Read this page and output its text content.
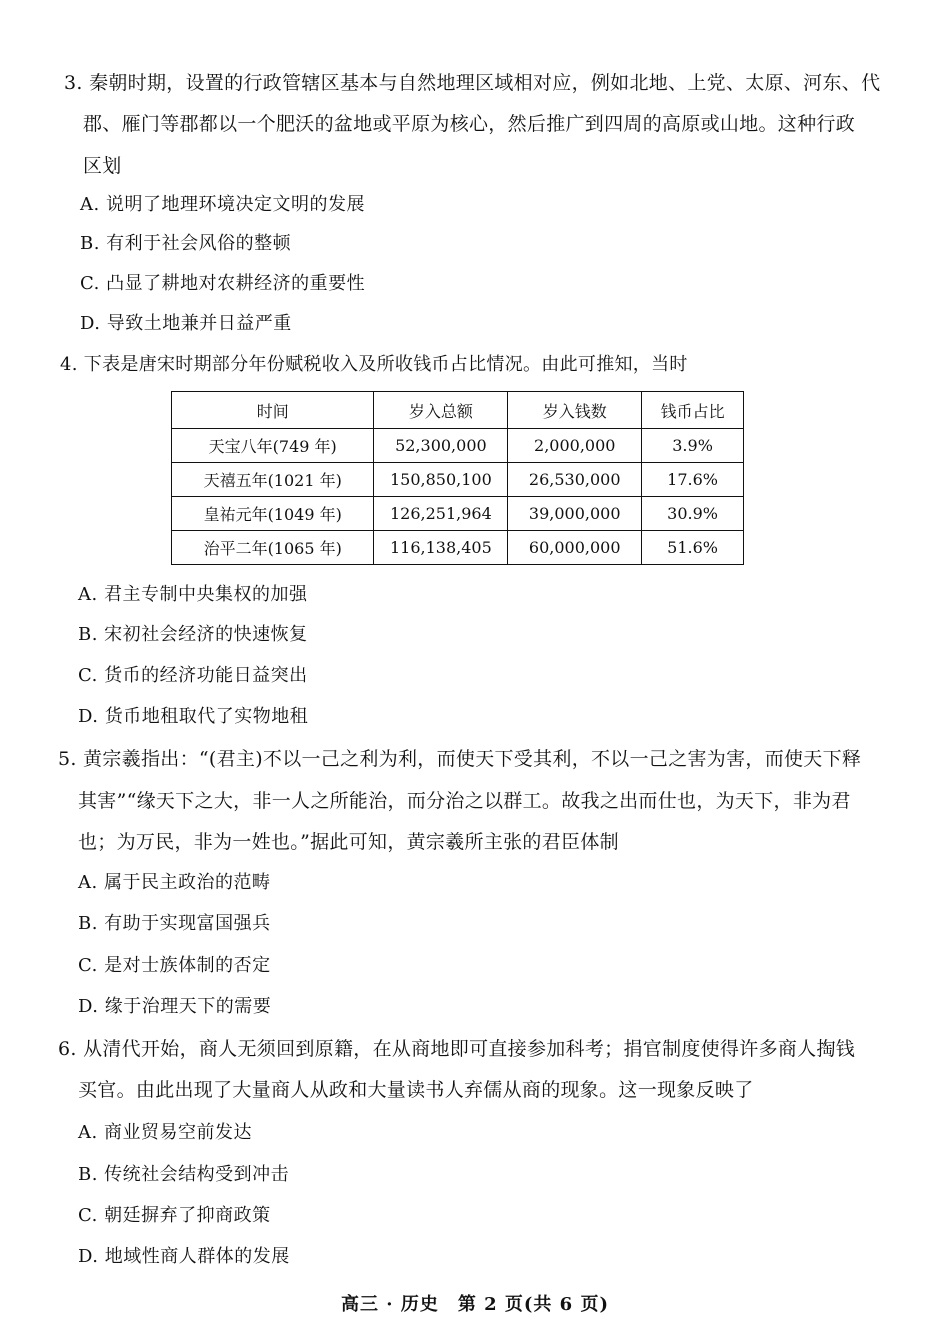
3. 秦朝时期，设置的行政管辖区基本与自然地理区域相对应，例如北地、上党、太原、河东、代
郡、雁门等郡都以一个肥沃的盆地或平原为核心，然后推广到四周的高原或山地。这种行政
区划
A. 说明了地理环境决定文明的发展
B. 有利于社会风俗的整顿
C. 凸显了耕地对农耕经济的重要性
D. 导致土地兼并日益严重
4. 下表是唐宋时期部分年份赋税收入及所收钱币占比情况。由此可推知，当时
时间	岁入总额	岁入钱数	钱币占比
天宝八年(749 年)	52,300,000	2,000,000	3.9%
天禧五年(1021 年)	150,850,100	26,530,000	17.6%
皇祐元年(1049 年)	126,251,964	39,000,000	30.9%
治平二年(1065 年)	116,138,405	60,000,000	51.6%
A. 君主专制中央集权的加强
B. 宋初社会经济的快速恢复
C. 货币的经济功能日益突出
D. 货币地租取代了实物地租
5. 黄宗羲指出：“(君主)不以一己之利为利，而使天下受其利，不以一己之害为害，而使天下释
其害”“缘天下之大，非一人之所能治，而分治之以群工。故我之出而仕也，为天下，非为君
也；为万民，非为一姓也。”据此可知，黄宗羲所主张的君臣体制
A. 属于民主政治的范畴
B. 有助于实现富国强兵
C. 是对士族体制的否定
D. 缘于治理天下的需要
6. 从清代开始，商人无须回到原籍，在从商地即可直接参加科考；捐官制度使得许多商人掏钱
买官。由此出现了大量商人从政和大量读书人弃儒从商的现象。这一现象反映了
A. 商业贸易空前发达
B. 传统社会结构受到冲击
C. 朝廷摒弃了抑商政策
D. 地域性商人群体的发展
高三 · 历史　第 2 页(共 6 页)
